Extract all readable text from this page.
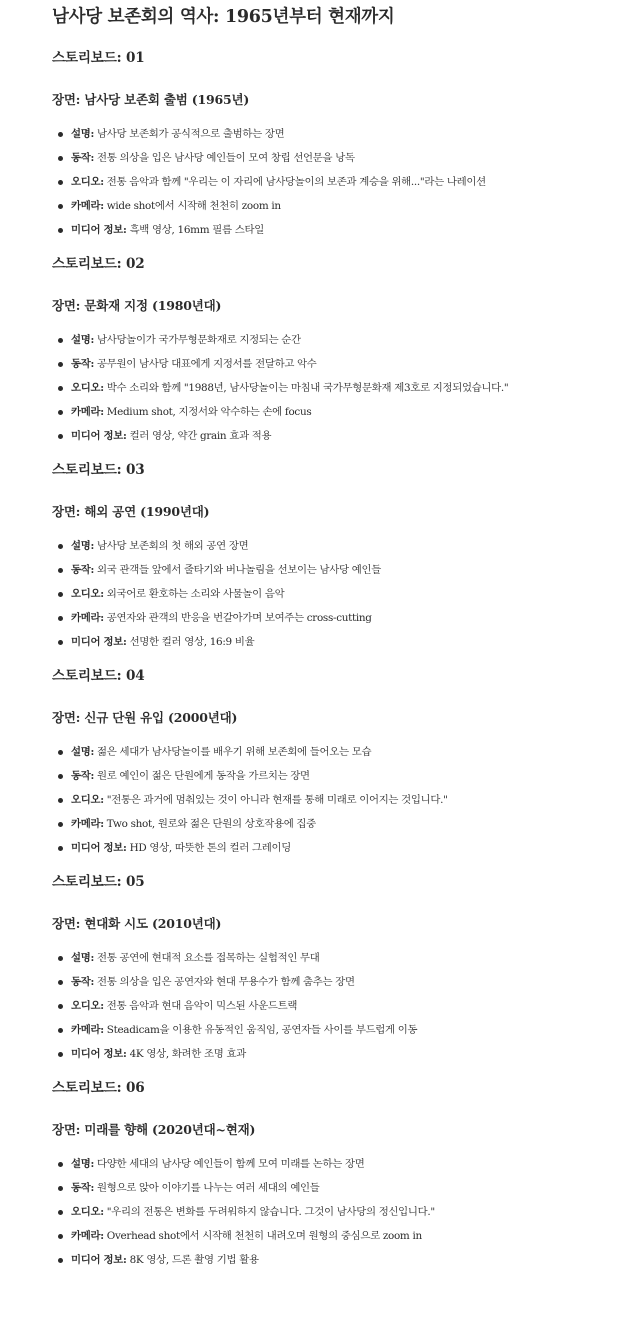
남사당 보존회의 역사: 1965년부터 현재까지
스토리보드: 01
장면: 남사당 보존회 출범 (1965년)
설명: 남사당 보존회가 공식적으로 출범하는 장면
동작: 전통 의상을 입은 남사당 예인들이 모여 창립 선언문을 낭독
오디오: 전통 음악과 함께 "우리는 이 자리에 남사당놀이의 보존과 계승을 위해..."라는 나레이션
카메라: wide shot에서 시작해 천천히 zoom in
미디어 정보: 흑백 영상, 16mm 필름 스타일
스토리보드: 02
장면: 문화재 지정 (1980년대)
설명: 남사당놀이가 국가무형문화재로 지정되는 순간
동작: 공무원이 남사당 대표에게 지정서를 전달하고 악수
오디오: 박수 소리와 함께 "1988년, 남사당놀이는 마침내 국가무형문화재 제3호로 지정되었습니다."
카메라: Medium shot, 지정서와 악수하는 손에 focus
미디어 정보: 컬러 영상, 약간 grain 효과 적용
스토리보드: 03
장면: 해외 공연 (1990년대)
설명: 남사당 보존회의 첫 해외 공연 장면
동작: 외국 관객들 앞에서 줄타기와 버나놀림을 선보이는 남사당 예인들
오디오: 외국어로 환호하는 소리와 사물놀이 음악
카메라: 공연자와 관객의 반응을 번갈아가며 보여주는 cross-cutting
미디어 정보: 선명한 컬러 영상, 16:9 비율
스토리보드: 04
장면: 신규 단원 유입 (2000년대)
설명: 젊은 세대가 남사당놀이를 배우기 위해 보존회에 들어오는 모습
동작: 원로 예인이 젊은 단원에게 동작을 가르치는 장면
오디오: "전통은 과거에 멈춰있는 것이 아니라 현재를 통해 미래로 이어지는 것입니다."
카메라: Two shot, 원로와 젊은 단원의 상호작용에 집중
미디어 정보: HD 영상, 따뜻한 톤의 컬러 그레이딩
스토리보드: 05
장면: 현대화 시도 (2010년대)
설명: 전통 공연에 현대적 요소를 접목하는 실험적인 무대
동작: 전통 의상을 입은 공연자와 현대 무용수가 함께 춤추는 장면
오디오: 전통 음악과 현대 음악이 믹스된 사운드트랙
카메라: Steadicam을 이용한 유동적인 움직임, 공연자들 사이를 부드럽게 이동
미디어 정보: 4K 영상, 화려한 조명 효과
스토리보드: 06
장면: 미래를 향해 (2020년대~현재)
설명: 다양한 세대의 남사당 예인들이 함께 모여 미래를 논하는 장면
동작: 원형으로 앉아 이야기를 나누는 여러 세대의 예인들
오디오: "우리의 전통은 변화를 두려워하지 않습니다. 그것이 남사당의 정신입니다."
카메라: Overhead shot에서 시작해 천천히 내려오며 원형의 중심으로 zoom in
미디어 정보: 8K 영상, 드론 촬영 기법 활용
